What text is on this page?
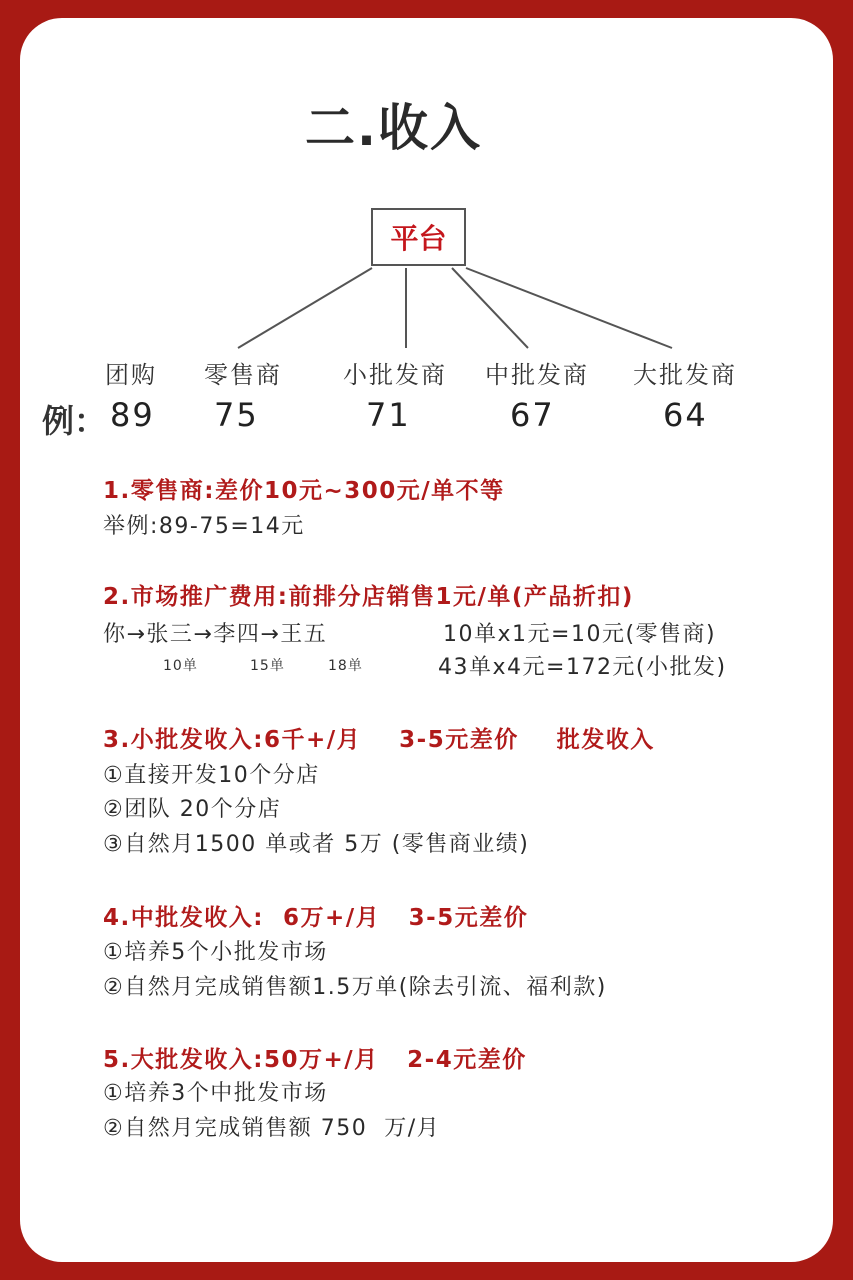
二.收入
平台
团购 零售商	小批发商 中批发商 大批发商
例： 89 75	71	67	64
1.零售商:差价10元~300元/单不等
举例:89-75=14元
2.市场推广费用:前排分店销售1元/单(产品折扣)
你→张三→李四→王五	10单x1元=10元(零售商)
10单	15单	18单	43单x4元=172元(小批发)
3.小批发收入:6千+/月    3-5元差价    批发收入
①直接开发10个分店
②团队 20个分店
③自然月1500 单或者 5万 (零售商业绩)
4.中批发收入:  6万+/月   3-5元差价
①培养5个小批发市场
②自然月完成销售额1.5万单(除去引流、福利款)
5.大批发收入:50万+/月   2-4元差价
①培养3个中批发市场
②自然月完成销售额 750  万/月
